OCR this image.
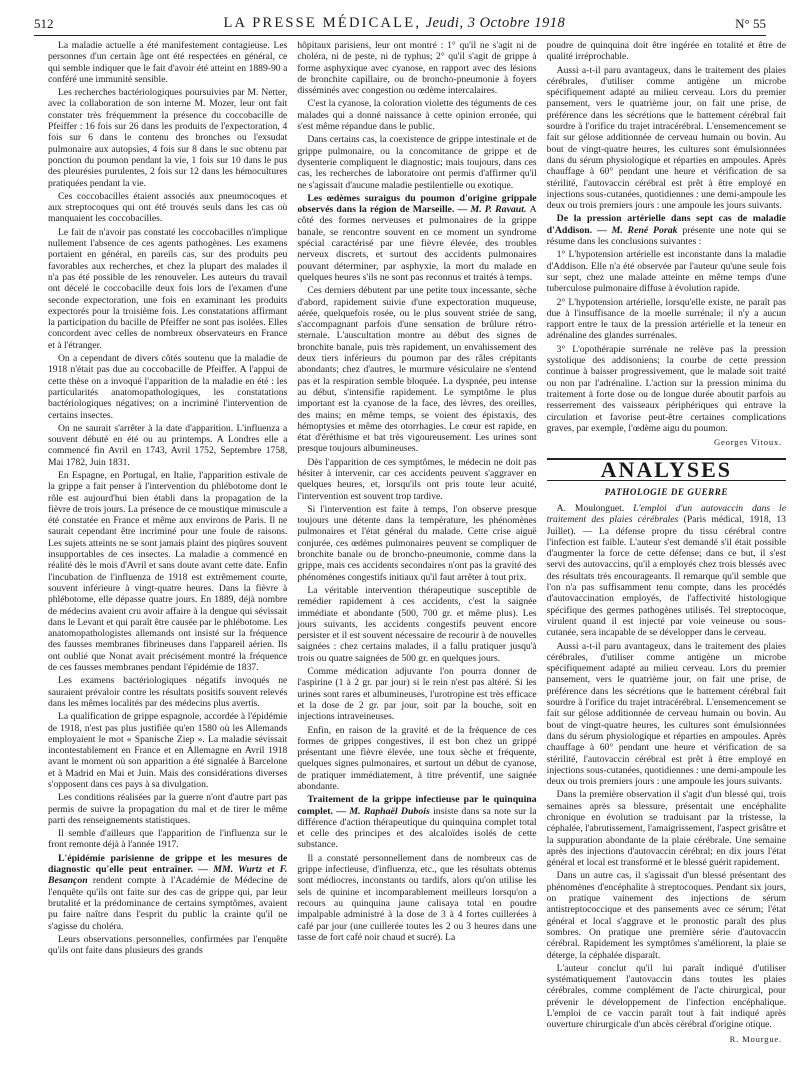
512	LA PRESSE MÉDICALE, Jeudi, 3 Octobre 1918	N° 55

La maladie actuelle a été manifestement contagieuse. Les personnes d'un certain âge ont été respectées en général, ce qui semble indiquer que le fait d'avoir été atteint en 1889-90 a conféré une immunité sensible.

Les recherches bactériologiques poursuivies par M. Netter, avec la collaboration de son interne M. Mozer, leur ont fait constater très fréquemment la présence du coccobacille de Pfeiffer : 16 fois sur 26 dans les produits de l'expectoration, 4 fois sur 6 dans le contenu des bronches ou l'exsudat pulmonaire aux autopsies, 4 fois sur 8 dans le suc obtenu par ponction du poumon pendant la vie, 1 fois sur 10 dans le pus des pleurésies purulentes, 2 fois sur 12 dans les hémocultures pratiquées pendant la vie.

Ces coccobacilles étaient associés aux pneumocoques et aux streptocoques qui ont été trouvés seuls dans les cas où manquaient les coccobacilles.

Le fait de n'avoir pas constaté les coccobacilles n'implique nullement l'absence de ces agents pathogènes. Les examens portaient en général, en pareils cas, sur des produits peu favorables aux recherches, et chez la plupart des malades il n'a pas été possible de les renouveler. Les auteurs du travail ont décelé le coccobacille deux fois lors de l'examen d'une seconde expectoration, une fois en examinant les produits expectorés pour la troisième fois. Les constatations affirmant la participation du bacille de Pfeiffer ne sont pas isolées. Elles concordent avec celles de nombreux observateurs en France et à l'étranger.

On a cependant de divers côtés soutenu que la maladie de 1918 n'était pas due au coccobacille de Pfeiffer. A l'appui de cette thèse on a invoqué l'apparition de la maladie en été : les particularités anatomopathologiques, les constatations bactériologiques négatives; on a incriminé l'intervention de certains insectes.

On ne saurait s'arrêter à la date d'apparition. L'influenza a souvent débuté en été ou au printemps. A Londres elle a commencé fin Avril en 1743, Avril 1752, Septembre 1758, Mai 1782, Juin 1831.

En Espagne, en Portugal, en Italie, l'apparition estivale de la grippe a fait penser à l'intervention du phlébotome dont le rôle est aujourd'hui bien établi dans la propagation de la fièvre de trois jours. La présence de ce moustique minuscule a été constatée en France et même aux environs de Paris. Il ne saurait cependant être incriminé pour une foule de raisons. Les sujets atteints ne se sont jamais plaint des piqûres souvent insupportables de ces insectes. La maladie a commencé en réalité dès le mois d'Avril et sans doute avant cette date. Enfin l'incubation de l'influenza de 1918 est extrêmement courte, souvent inférieure à vingt-quatre heures. Dans la fièvre à phlébotome, elle dépasse quatre jours. En 1889, déjà nombre de médecins avaient cru avoir affaire à la dengue qui sévissait dans le Levant et qui paraît être causée par le phlébotome. Les anatomopathologistes allemands ont insisté sur la fréquence des fausses membranes fibrineuses dans l'appareil aérien. Ils ont oublié que Nonat avait précisément montré la fréquence de ces fausses membranes pendant l'épidémie de 1837.

Les examens bactériologiques négatifs invoqués ne sauraient prévaloir contre les résultats positifs souvent relevés dans les mêmes localités par des médecins plus avertis.

La qualification de grippe espagnole, accordée à l'épidémie de 1918, n'est pas plus justifiée qu'en 1580 où les Allemands employaient le mot « Spanische Ziep ». La maladie sévissait incontestablement en France et en Allemagne en Avril 1918 avant le moment où son apparition a été signalée à Barcelone et à Madrid en Mai et Juin. Mais des considérations diverses s'opposent dans ces pays à sa divulgation.

Les conditions réalisées par la guerre n'ont d'autre part pas permis de suivre la propagation du mal et de tirer le même parti des renseignements statistiques.

Il semble d'ailleurs que l'apparition de l'influenza sur le front remonte déjà à l'année 1917.

L'épidémie parisienne de grippe et les mesures de diagnostic qu'elle peut entraîner. — MM. Wurtz et F. Besançon rendent compte à l'Académie de Médecine de l'enquête qu'ils ont faite sur des cas de grippe qui, par leur brutalité et la prédominance de certains symptômes, avaient pu faire naître dans l'esprit du public la crainte qu'il ne s'agisse du choléra.

Leurs observations personnelles, confirmées par l'enquête qu'ils ont faite dans plusieurs des grands

hôpitaux parisiens, leur ont montré : 1° qu'il ne s'agit ni de choléra, ni de peste, ni de typhus; 2° qu'il s'agit de grippe à forme asphyxique avec cyanose, en rapport avec des lésions de bronchite capillaire, ou de broncho-pneumonie à foyers disséminés avec congestion ou œdème intercalaires.

C'est la cyanose, la coloration violette des téguments de ces malades qui a donné naissance à cette opinion erronée, qui s'est même répandue dans le public.

Dans certains cas, la coexistence de grippe intestinale et de grippe pulmonaire, ou la concomitance de grippe et de dysenterie compliquent le diagnostic; mais toujours, dans ces cas, les recherches de laboratoire ont permis d'affirmer qu'il ne s'agissait d'aucune maladie pestilentielle ou exotique.

Les œdèmes suraigus du poumon d'origine grippale observés dans la région de Marseille. — M. P. Ravaut. A côté des formes nerveuses et pulmonaires de la grippe banale, se rencontre souvent en ce moment un syndrome spécial caractérisé par une fièvre élevée, des troubles nerveux discrets, et surtout des accidents pulmonaires pouvant déterminer, par asphyxie, la mort du malade en quelques heures s'ils ne sont pas reconnus et traités à temps.

Ces derniers débutent par une petite toux incessante, sèche d'abord, rapidement suivie d'une expectoration muqueuse, aérée, quelquefois rosée, ou le plus souvent striée de sang, s'accompagnant parfois d'une sensation de brûlure rétro-sternale. L'auscultation montre au début des signes de bronchite banale, puis très rapidement, un envahissement des deux tiers inférieurs du poumon par des râles crépitants abondants; chez d'autres, le murmure vésiculaire ne s'entend pas et la respiration semble bloquée. La dyspnée, peu intense au début, s'intensifie rapidement. Le symptôme le plus important est la cyanose de la face, des lèvres, des oreilles, des mains; en même temps, se voient des épistaxis, des hémoptysies et même des otorrhagies. Le cœur est rapide, en état d'éréthisme et bat très vigoureusement. Les urines sont presque toujours albumineuses.

Dès l'apparition de ces symptômes, le médecin ne doit pas hésiter à intervenir, car ces accidents peuvent s'aggraver en quelques heures, et, lorsqu'ils ont pris toute leur acuité, l'intervention est souvent trop tardive.

Si l'intervention est faite à temps, l'on observe presque toujours une détente dans la température, les phénomènes pulmonaires et l'état général du malade. Cette crise aiguë conjurée, ces œdèmes pulmonaires peuvent se compliquer de bronchite banale ou de broncho-pneumonie, comme dans la grippe, mais ces accidents secondaires n'ont pas la gravité des phénomènes congestifs initiaux qu'il faut arrêter à tout prix.

La véritable intervention thérapeutique susceptible de remédier rapidement à ces accidents, c'est la saignée immédiate et abondante (500, 700 gr. et même plus). Les jours suivants, les accidents congestifs peuvent encore persister et il est souvent nécessaire de recourir à de nouvelles saignées : chez certains malades, il a fallu pratiquer jusqu'à trois ou quatre saignées de 500 gr. en quelques jours.

Comme médication adjuvante l'on pourra donner de l'aspirine (1 à 2 gr. par jour) si le rein n'est pas altéré. Si les urines sont rares et albumineuses, l'urotropine est très efficace et la dose de 2 gr. par jour, soit par la bouche, soit en injections intraveineuses.

Enfin, en raison de la gravité et de la fréquence de ces formes de grippes congestives, il est bon chez un grippé présentant une fièvre élevée, une toux sèche et fréquente, quelques signes pulmonaires, et surtout un début de cyanose, de pratiquer immédiatement, à titre préventif, une saignée abondante.

Traitement de la grippe infectieuse par le quinquina complet. — M. Raphaël Dubois insiste dans sa note sur la différence d'action thérapeutique du quinquina complet total et celle des principes et des alcaloïdes isolés de cette substance.

Il a constaté personnellement dans de nombreux cas de grippe infectieuse, d'influenza, etc., que les résultats obtenus sont médiocres, inconstants ou tardifs, alors qu'on utilise les sels de quinine et incomparablement meilleurs lorsqu'on a recours au quinquina jaune calisaya total en poudre impalpable administré à la dose de 3 à 4 fortes cuillerées à café par jour (une cuillerée toutes les 2 ou 3 heures dans une tasse de fort café noir chaud et sucré). La

poudre de quinquina doit être ingérée en totalité et être de qualité irréprochable.

Aussi a-t-il paru avantageux, dans le traitement des plaies cérébrales, d'utiliser comme antigène un microbe spécifiquement adapté au milieu cerveau. Lors du premier pansement, vers le quatrième jour, on fait une prise, de préférence dans les sécrétions que le battement cérébral fait sourdre à l'orifice du trajet intracérébral. L'ensemencement se fait sur gélose additionnée de cerveau humain ou bovin. Au bout de vingt-quatre heures, les cultures sont émulsionnées dans du sérum physiologique et réparties en ampoules. Après chauffage à 60° pendant une heure et vérification de sa stérilité, l'autovaccin cérébral est prêt à être employé en injections sous-cutanées, quotidiennes : une demi-ampoule les deux ou trois premiers jours : une ampoule les jours suivants.

De la pression artérielle dans sept cas de maladie d'Addison. — M. René Porak présente une note qui se résume dans les conclusions suivantes :

1° L'hypotension artérielle est inconstante dans la maladie d'Addison. Elle n'a été observée par l'auteur qu'une seule fois sur sept, chez une malade atteinte en même temps d'une tuberculose pulmonaire diffuse à évolution rapide.

2° L'hypotension artérielle, lorsqu'elle existe, ne paraît pas due à l'insuffisance de la moelle surrénale; il n'y a aucun rapport entre le taux de la pression artérielle et la teneur en adrénaline des glandes surrénales.

3° L'opothérapie surrénale ne relève pas la pression systolique des addisoniens; la courbe de cette pression continue à baisser progressivement, que le malade soit traité ou non par l'adrénaline. L'action sur la pression minima du traitement à forte dose ou de longue durée aboutit parfois au resserrement des vaisseaux périphériques qui entrave la circulation et favorise peut-être certaines complications graves, par exemple, l'œdème aigu du poumon.

Georges Vitoux.
ANALYSES
PATHOLOGIE DE GUERRE

A. Moulonguet. L'emploi d'un autovaccin dans le traitement des plaies cérébrales (Paris médical, 1918, 13 Juillet). — La défense propre du tissu cérébral contre l'infection est faible. L'auteur s'est demandé s'il était possible d'augmenter la force de cette défense; dans ce but, il s'est servi des autovaccins, qu'il a employés chez trois blessés avec des résultats très encourageants. Il remarque qu'il semble que l'on n'a pas suffisamment tenu compte, dans les procédés d'autovaccination employés, de l'affectivité histologique spécifique des germes pathogènes utilisés. Tel streptocoque, virulent quand il est injecté par voie veineuse ou sous-cutanée, sera incapable de se développer dans le cerveau.

Aussi a-t-il paru avantageux, dans le traitement des plaies cérébrales, d'utiliser comme antigène un microbe spécifiquement adapté au milieu cerveau. Lors du premier pansement, vers le quatrième jour, on fait une prise, de préférence dans les sécrétions que le battement cérébral fait sourdre à l'orifice du trajet intracérébral. L'ensemencement se fait sur gélose additionnée de cerveau humain ou bovin. Au bout de vingt-quatre heures, les cultures sont émulsionnées dans du sérum physiologique et réparties en ampoules. Après chauffage à 60° pendant une heure et vérification de sa stérilité, l'autovaccin cérébral est prêt à être employé en injections sous-cutanées, quotidiennes : une demi-ampoule les deux ou trois premiers jours : une ampoule les jours suivants.

Dans la première observation il s'agit d'un blessé qui, trois semaines après sa blessure, présentait une encéphalite chronique en évolution se traduisant par la tristesse, la céphalée, l'abrutissement, l'amaigrissement, l'aspect grisâtre et la suppuration abondante de la plaie cérébrale. Une semaine après des injections d'autovaccin cérébral; en dix jours l'état général et local est transformé et le blessé guérit rapidement.

Dans un autre cas, il s'agissait d'un blessé présentant des phénomènes d'encéphalite à streptocoques. Pendant six jours, on pratique vainement des injections de sérum antistreptococcique et des pansements avec ce sérum; l'état général et local s'aggrave et le pronostic paraît des plus sombres. On pratique une première série d'autovaccin cérébral. Rapidement les symptômes s'améliorent, la plaie se déterge, la céphalée disparaît.

L'auteur conclut qu'il lui paraît indiqué d'utiliser systématiquement l'autovaccin dans toutes les plaies cérébrales, comme complément de l'acte chirurgical, pour prévenir le développement de l'infection encéphalique. L'emploi de ce vaccin paraît tout à fait indiqué après ouverture chirurgicale d'un abcès cérébral d'origine otique.

R. Mourgue.
